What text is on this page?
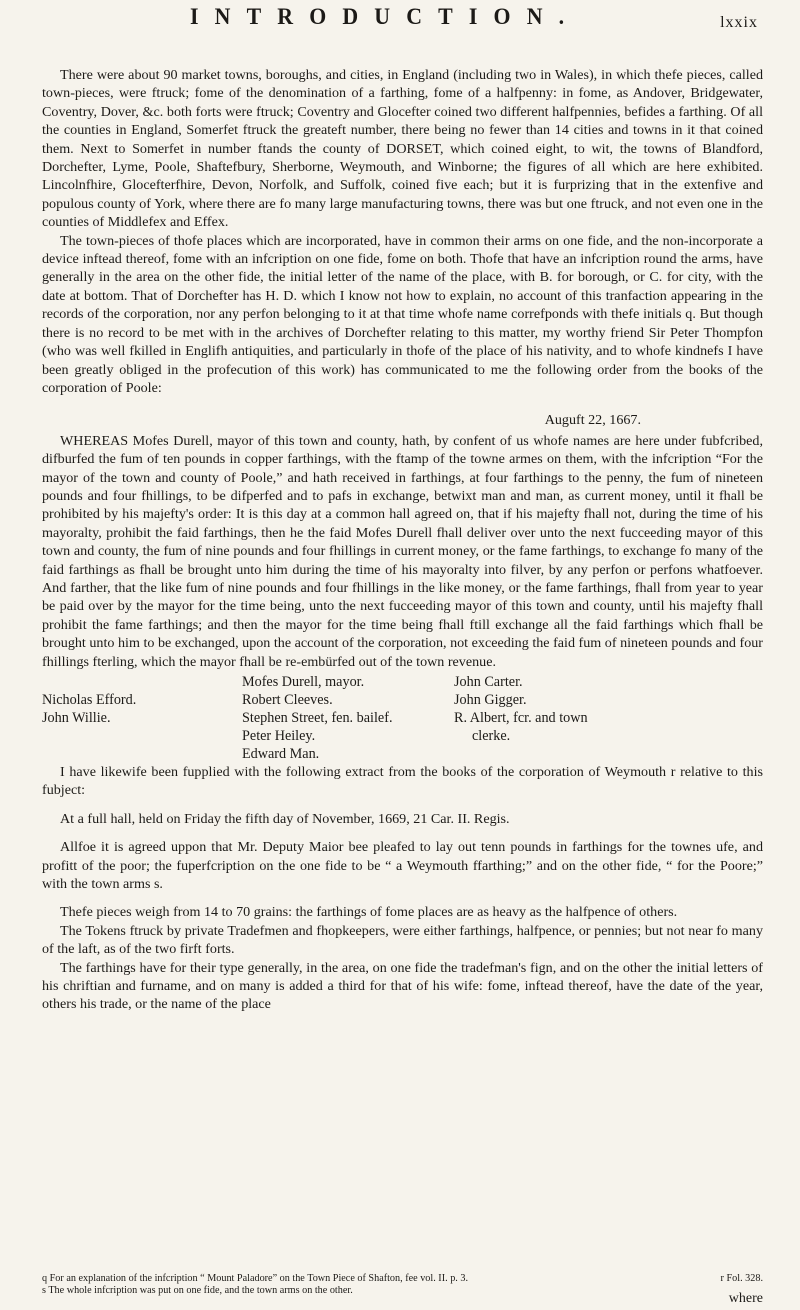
INTRODUCTION.	lxxix

There were about 90 market towns, boroughs, and cities, in England (including two in Wales), in which thefe pieces, called town-pieces, were ftruck; fome of the denomination of a farthing, fome of a halfpenny: in fome, as Andover, Bridgewater, Coventry, Dover, &c. both forts were ftruck; Coventry and Glocefter coined two different halfpennies, befides a farthing. Of all the counties in England, Somerfet ftruck the greateft number, there being no fewer than 14 cities and towns in it that coined them. Next to Somerfet in number ftands the county of DORSET, which coined eight, to wit, the towns of Blandford, Dorchefter, Lyme, Poole, Shaftefbury, Sherborne, Weymouth, and Winborne; the figures of all which are here exhibited. Lincolnfhire, Glocefterfhire, Devon, Norfolk, and Suffolk, coined five each; but it is furprizing that in the extenfive and populous county of York, where there are fo many large manufacturing towns, there was but one ftruck, and not even one in the counties of Middlefex and Effex.

The town-pieces of thofe places which are incorporated, have in common their arms on one fide, and the non-incorporate a device inftead thereof, fome with an infcription on one fide, fome on both. Thofe that have an infcription round the arms, have generally in the area on the other fide, the initial letter of the name of the place, with B. for borough, or C. for city, with the date at bottom. That of Dorchefter has H. D. which I know not how to explain, no account of this tranfaction appearing in the records of the corporation, nor any perfon belonging to it at that time whofe name correfponds with thefe initials q. But though there is no record to be met with in the archives of Dorchefter relating to this matter, my worthy friend Sir Peter Thompfon (who was well fkilled in Englifh antiquities, and particularly in thofe of the place of his nativity, and to whofe kindnefs I have been greatly obliged in the profecution of this work) has communicated to me the following order from the books of the corporation of Poole:

Auguft 22, 1667.

WHEREAS Mofes Durell, mayor of this town and county, hath, by confent of us whofe names are here under fubfcribed, difburfed the fum of ten pounds in copper farthings, with the ftamp of the towne armes on them, with the infcription “For the mayor of the town and county of Poole,” and hath received in farthings, at four farthings to the penny, the fum of nineteen pounds and four fhillings, to be difperfed and to pafs in exchange, betwixt man and man, as current money, until it fhall be prohibited by his majefty's order: It is this day at a common hall agreed on, that if his majefty fhall not, during the time of his mayoralty, prohibit the faid farthings, then he the faid Mofes Durell fhall deliver over unto the next fucceeding mayor of this town and county, the fum of nine pounds and four fhillings in current money, or the fame farthings, to exchange fo many of the faid farthings as fhall be brought unto him during the time of his mayoralty into filver, by any perfon or perfons whatfoever. And farther, that the like fum of nine pounds and four fhillings in the like money, or the fame farthings, fhall from year to year be paid over by the mayor for the time being, unto the next fucceeding mayor of this town and county, until his majefty fhall prohibit the fame farthings; and then the mayor for the time being fhall ftill exchange all the faid farthings which fhall be brought unto him to be exchanged, upon the account of the corporation, not exceeding the faid fum of nineteen pounds and four fhillings fterling, which the mayor fhall be re-embürfed out of the town revenue.

Nicholas Efford.
John Willie.
Mofes Durell, mayor.
Robert Cleeves.
Stephen Street, fen. bailef.
Peter Heiley.
Edward Man.
John Carter.
John Gigger.
R. Albert, fcr. and town
clerke.

I have likewife been fupplied with the following extract from the books of the corporation of Weymouth r relative to this fubject:

At a full hall, held on Friday the fifth day of November, 1669, 21 Car. II. Regis.

Allfoe it is agreed uppon that Mr. Deputy Maior bee pleafed to lay out tenn pounds in farthings for the townes ufe, and profitt of the poor; the fuperfcription on the one fide to be “ a Weymouth ffarthing;” and on the other fide, “ for the Poore;” with the town arms s.

Thefe pieces weigh from 14 to 70 grains: the farthings of fome places are as heavy as the halfpence of others.

The Tokens ftruck by private Tradefmen and fhopkeepers, were either farthings, halfpence, or pennies; but not near fo many of the laft, as of the two firft forts.

The farthings have for their type generally, in the area, on one fide the tradefman's fign, and on the other the initial letters of his chriftian and furname, and on many is added a third for that of his wife: fome, inftead thereof, have the date of the year, others his trade, or the name of the place

q For an explanation of the infcription “ Mount Paladore” on the Town Piece of Shafton, fee vol. II. p. 3.	r Fol. 328.
s The whole infcription was put on one fide, and the town arms on the other.
where
